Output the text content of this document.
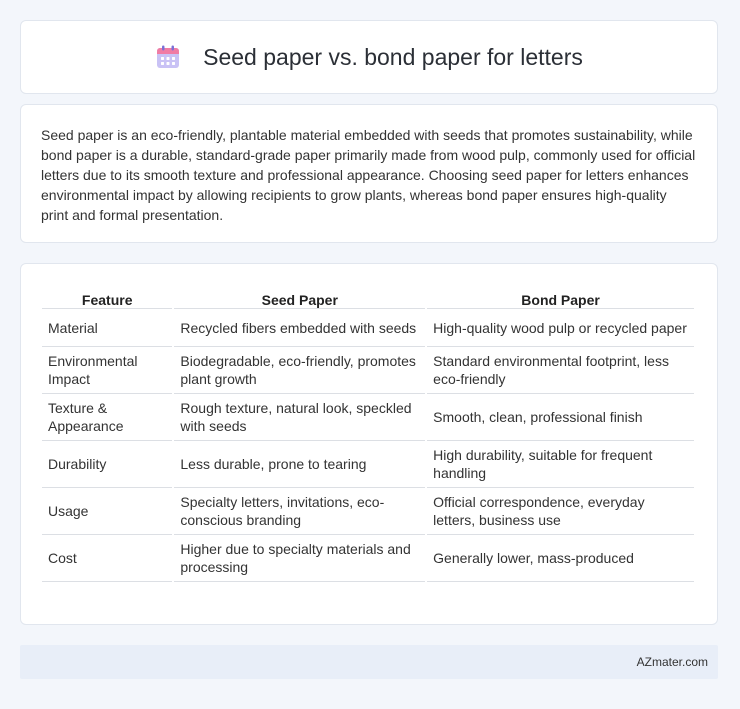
Seed paper vs. bond paper for letters

Seed paper is an eco-friendly, plantable material embedded with seeds that promotes sustainability, while bond paper is a durable, standard-grade paper primarily made from wood pulp, commonly used for official letters due to its smooth texture and professional appearance. Choosing seed paper for letters enhances environmental impact by allowing recipients to grow plants, whereas bond paper ensures high-quality print and formal presentation.

Feature	Seed Paper	Bond Paper
Material	Recycled fibers embedded with seeds	High-quality wood pulp or recycled paper
Environmental Impact	Biodegradable, eco-friendly, promotes plant growth	Standard environmental footprint, less eco-friendly
Texture & Appearance	Rough texture, natural look, speckled with seeds	Smooth, clean, professional finish
Durability	Less durable, prone to tearing	High durability, suitable for frequent handling
Usage	Specialty letters, invitations, eco-conscious branding	Official correspondence, everyday letters, business use
Cost	Higher due to specialty materials and processing	Generally lower, mass-produced
AZmater.com
